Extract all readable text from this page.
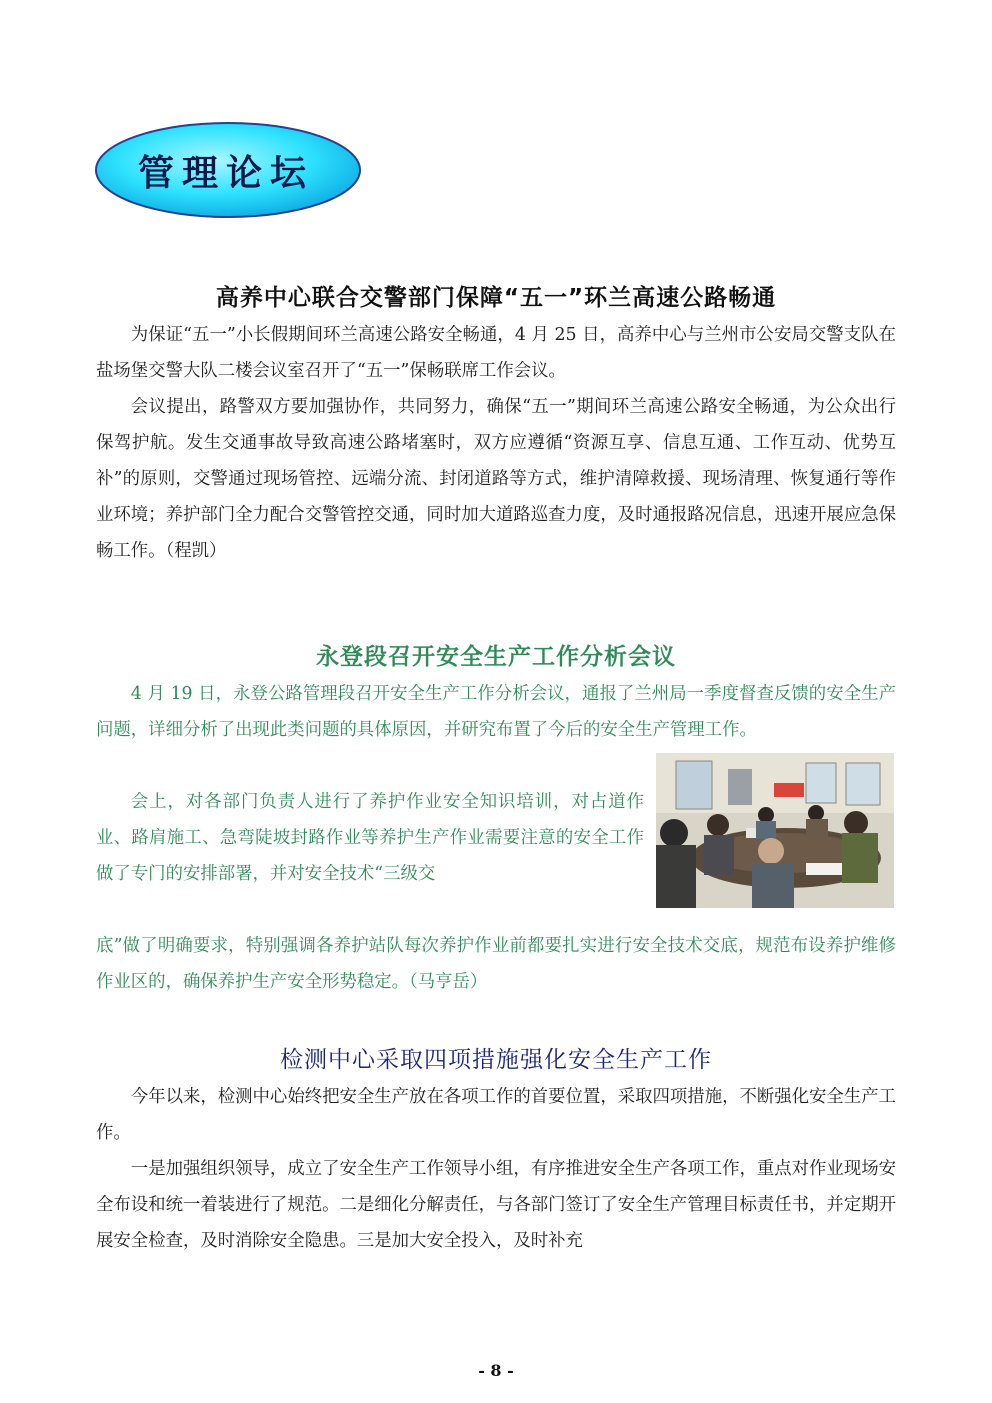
管理论坛
高养中心联合交警部门保障“五一”环兰高速公路畅通
为保证“五一”小长假期间环兰高速公路安全畅通，4 月 25 日，高养中心与兰州市公安局交警支队在盐场堡交警大队二楼会议室召开了“五一”保畅联席工作会议。
会议提出，路警双方要加强协作，共同努力，确保“五一”期间环兰高速公路安全畅通，为公众出行保驾护航。发生交通事故导致高速公路堵塞时，双方应遵循“资源互享、信息互通、工作互动、优势互补”的原则，交警通过现场管控、远端分流、封闭道路等方式，维护清障救援、现场清理、恢复通行等作业环境；养护部门全力配合交警管控交通，同时加大道路巡查力度，及时通报路况信息，迅速开展应急保畅工作。（程凯）
永登段召开安全生产工作分析会议
4 月 19 日，永登公路管理段召开安全生产工作分析会议，通报了兰州局一季度督查反馈的安全生产问题，详细分析了出现此类问题的具体原因，并研究布置了今后的安全生产管理工作。
会上，对各部门负责人进行了养护作业安全知识培训，对占道作业、路肩施工、急弯陡坡封路作业等养护生产作业需要注意的安全工作做了专门的安排部署，并对安全技术“三级交
底”做了明确要求，特别强调各养护站队每次养护作业前都要扎实进行安全技术交底，规范布设养护维修作业区的，确保养护生产安全形势稳定。（马亨岳）
检测中心采取四项措施强化安全生产工作
今年以来，检测中心始终把安全生产放在各项工作的首要位置，采取四项措施，不断强化安全生产工作。
一是加强组织领导，成立了安全生产工作领导小组，有序推进安全生产各项工作，重点对作业现场安全布设和统一着装进行了规范。二是细化分解责任，与各部门签订了安全生产管理目标责任书，并定期开展安全检查，及时消除安全隐患。三是加大安全投入，及时补充
- 8 -
